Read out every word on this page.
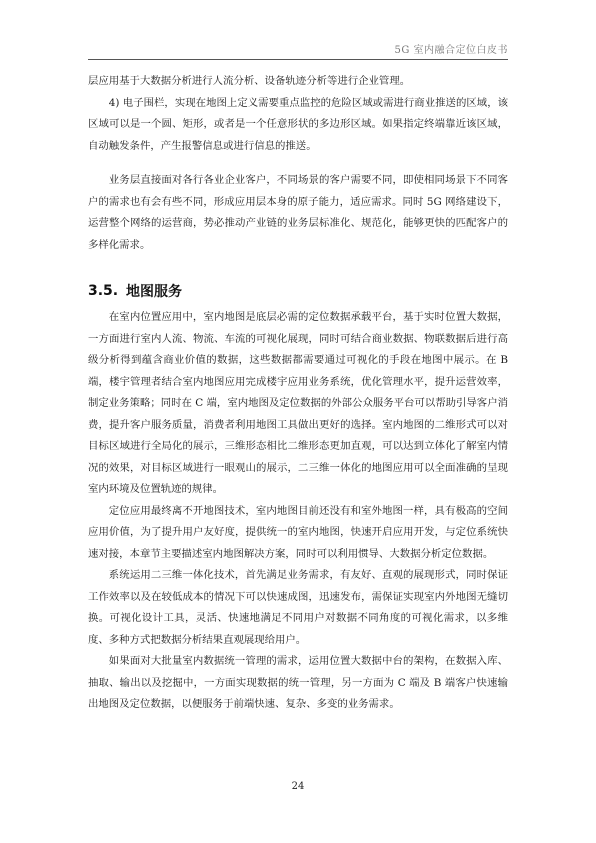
5G 室内融合定位白皮书

层应用基于大数据分析进行人流分析、设备轨迹分析等进行企业管理。

4) 电子围栏，实现在地图上定义需要重点监控的危险区域或需进行商业推送的区域，该区域可以是一个圆、矩形，或者是一个任意形状的多边形区域。如果指定终端靠近该区域，自动触发条件，产生报警信息或进行信息的推送。

业务层直接面对各行各业企业客户，不同场景的客户需要不同，即使相同场景下不同客户的需求也有会有些不同，形成应用层本身的原子能力，适应需求。同时 5G 网络建设下，运营整个网络的运营商，势必推动产业链的业务层标准化、规范化，能够更快的匹配客户的多样化需求。

3.5. 地图服务

在室内位置应用中，室内地图是底层必需的定位数据承载平台，基于实时位置大数据，一方面进行室内人流、物流、车流的可视化展现，同时可结合商业数据、物联数据后进行高级分析得到蕴含商业价值的数据，这些数据都需要通过可视化的手段在地图中展示。在 B 端，楼宇管理者结合室内地图应用完成楼宇应用业务系统，优化管理水平，提升运营效率，制定业务策略；同时在 C 端，室内地图及定位数据的外部公众服务平台可以帮助引导客户消费，提升客户服务质量，消费者利用地图工具做出更好的选择。室内地图的二维形式可以对目标区域进行全局化的展示，三维形态相比二维形态更加直观，可以达到立体化了解室内情况的效果，对目标区域进行一眼观山的展示，二三维一体化的地图应用可以全面准确的呈现室内环境及位置轨迹的规律。

定位应用最终离不开地图技术，室内地图目前还没有和室外地图一样，具有极高的空间应用价值，为了提升用户友好度，提供统一的室内地图，快速开启应用开发，与定位系统快速对接，本章节主要描述室内地图解决方案，同时可以利用惯导、大数据分析定位数据。

系统运用二三维一体化技术，首先满足业务需求，有友好、直观的展现形式，同时保证工作效率以及在较低成本的情况下可以快速成图，迅速发布，需保证实现室内外地图无缝切换。可视化设计工具，灵活、快速地满足不同用户对数据不同角度的可视化需求，以多维度、多种方式把数据分析结果直观展现给用户。

如果面对大批量室内数据统一管理的需求，运用位置大数据中台的架构，在数据入库、抽取、输出以及挖掘中，一方面实现数据的统一管理，另一方面为 C 端及 B 端客户快速输出地图及定位数据，以便服务于前端快速、复杂、多变的业务需求。

24
